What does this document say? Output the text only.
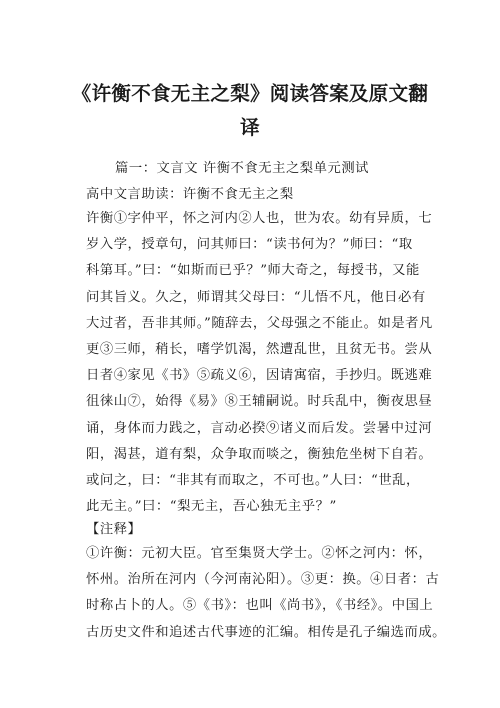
《许衡不食无主之梨》阅读答案及原文翻
译
篇一：文言文 许衡不食无主之梨单元测试
高中文言助读：许衡不食无主之梨
许衡①字仲平，怀之河内②人也，世为农。幼有异质，七
岁入学，授章句，问其师曰：“读书何为？”师曰：“取
科第耳。”曰：“如斯而已乎？”师大奇之，每授书，又能
问其旨义。久之，师谓其父母曰：“儿悟不凡，他日必有
大过者，吾非其师。”随辞去，父母强之不能止。如是者凡
更③三师，稍长，嗜学饥渴，然遭乱世，且贫无书。尝从
日者④家见《书》⑤疏义⑥，因请寓宿，手抄归。既逃难
徂徕山⑦，始得《易》⑧王辅嗣说。时兵乱中，衡夜思昼
诵，身体而力践之，言动必揆⑨诸义而后发。尝暑中过河
阳，渴甚，道有梨，众争取而啖之，衡独危坐树下自若。
或问之，曰：“非其有而取之，不可也。”人曰：“世乱，
此无主。”曰：“梨无主，吾心独无主乎？”
【注释】
①许衡：元初大臣。官至集贤大学士。②怀之河内：怀，
怀州。治所在河内（今河南沁阳）。③更：换。④日者：古
时称占卜的人。⑤《书》：也叫《尚书》，《书经》。中国上
古历史文件和追述古代事迹的汇编。相传是孔子编选而成。
